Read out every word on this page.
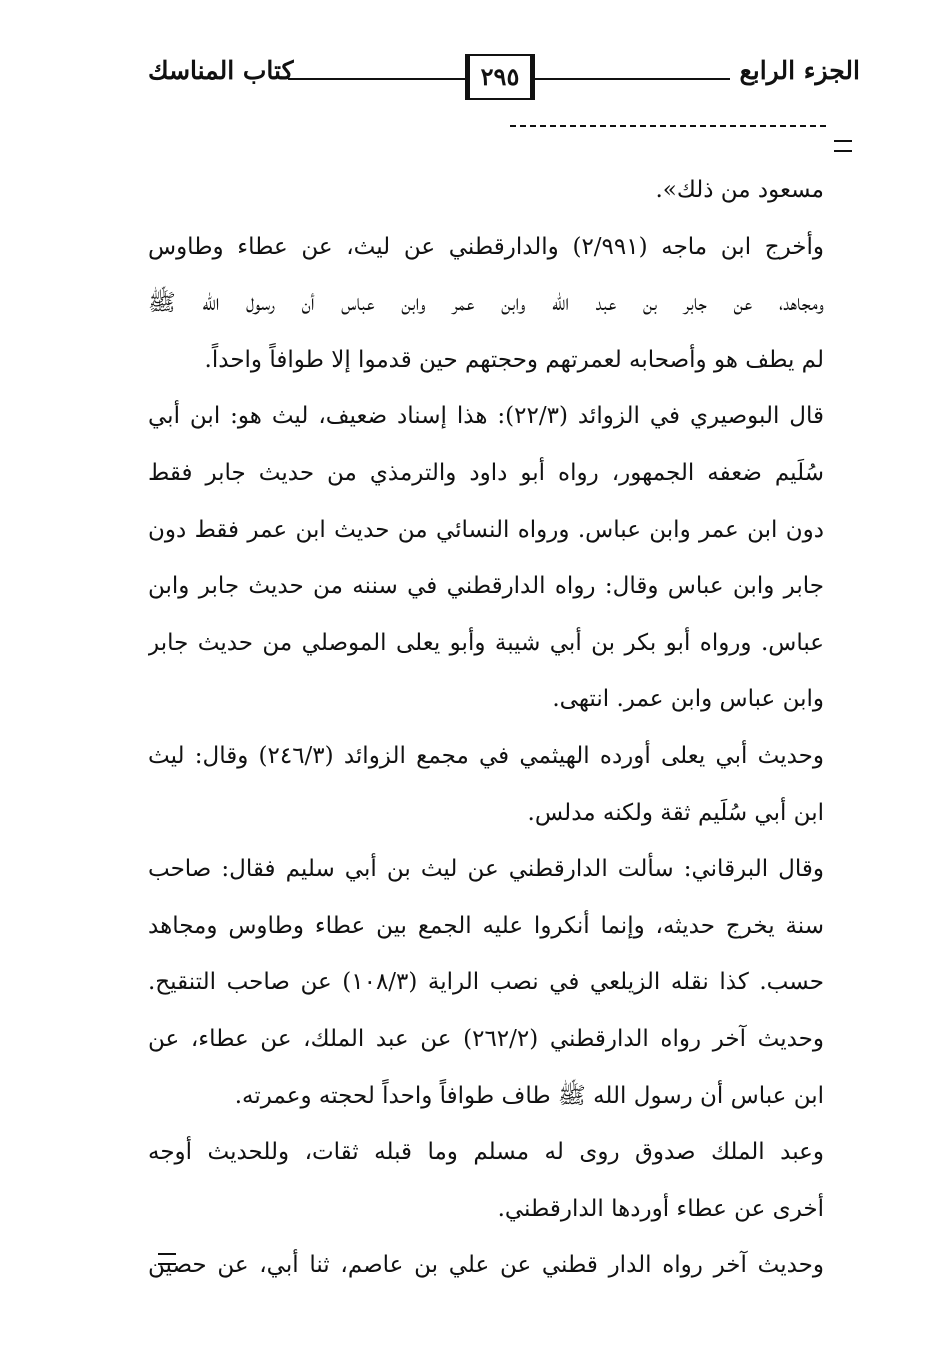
الجزء الرابع
٢٩٥
كتاب المناسك
مسعود من ذلك».
وأخرج ابن ماجه (٢/٩٩١) والدارقطني عن ليث، عن عطاء وطاوس
ومجاهد، عن جابر بن عبد الله وابن عمر وابن عباس أن رسول الله ﷺ
لم يطف هو وأصحابه لعمرتهم وحجتهم حين قدموا إلا طوافاً واحداً.
قال البوصيري في الزوائد (٢٢/٣): هذا إسناد ضعيف، ليث هو: ابن أبي
سُلَيم ضعفه الجمهور، رواه أبو داود والترمذي من حديث جابر فقط
دون ابن عمر وابن عباس. ورواه النسائي من حديث ابن عمر فقط دون
جابر وابن عباس وقال: رواه الدارقطني في سننه من حديث جابر وابن
عباس. ورواه أبو بكر بن أبي شيبة وأبو يعلى الموصلي من حديث جابر
وابن عباس وابن عمر. انتهى.
وحديث أبي يعلى أورده الهيثمي في مجمع الزوائد (٢٤٦/٣) وقال: ليث
ابن أبي سُلَيم ثقة ولكنه مدلس.
وقال البرقاني: سألت الدارقطني عن ليث بن أبي سليم فقال: صاحب
سنة يخرج حديثه، وإنما أنكروا عليه الجمع بين عطاء وطاوس ومجاهد
حسب. كذا نقله الزيلعي في نصب الراية (١٠٨/٣) عن صاحب التنقيح.
وحديث آخر رواه الدارقطني (٢٦٢/٢) عن عبد الملك، عن عطاء، عن
ابن عباس أن رسول الله ﷺ طاف طوافاً واحداً لحجته وعمرته.
وعبد الملك صدوق روى له مسلم وما قبله ثقات، وللحديث أوجه
أخرى عن عطاء أوردها الدارقطني.
وحديث آخر رواه الدار قطني عن علي بن عاصم، ثنا أبي، عن حصين
